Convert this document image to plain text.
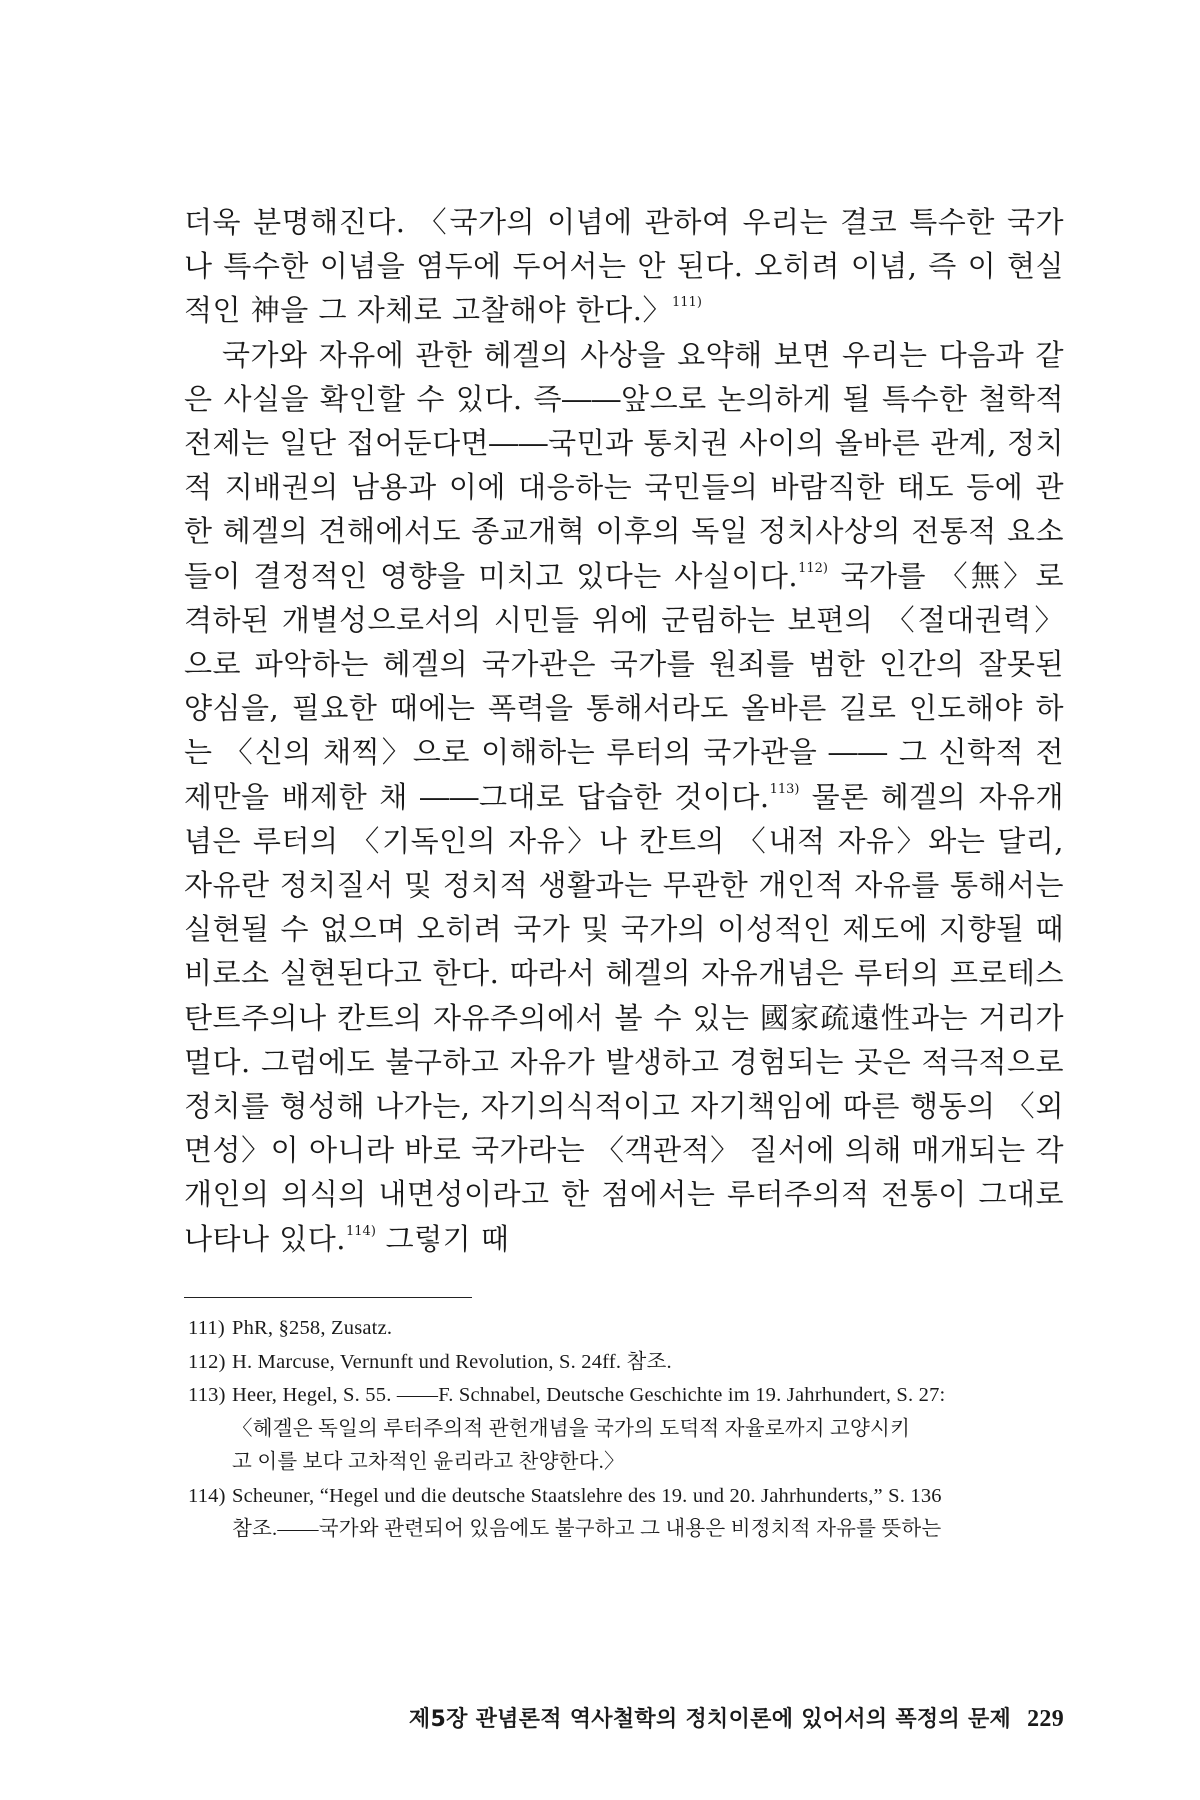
더욱 분명해진다. 〈국가의 이념에 관하여 우리는 결코 특수한 국가나 특수한 이념을 염두에 두어서는 안 된다. 오히려 이념, 즉 이 현실적인 神을 그 자체로 고찰해야 한다.〉$^{111)}$

국가와 자유에 관한 헤겔의 사상을 요약해 보면 우리는 다음과 같은 사실을 확인할 수 있다. 즉――앞으로 논의하게 될 특수한 철학적 전제는 일단 접어둔다면――국민과 통치권 사이의 올바른 관계, 정치적 지배권의 남용과 이에 대응하는 국민들의 바람직한 태도 등에 관한 헤겔의 견해에서도 종교개혁 이후의 독일 정치사상의 전통적 요소들이 결정적인 영향을 미치고 있다는 사실이다.$^{112)}$ 국가를 〈無〉로 격하된 개별성으로서의 시민들 위에 군림하는 보편의 〈절대권력〉으로 파악하는 헤겔의 국가관은 국가를 원죄를 범한 인간의 잘못된 양심을, 필요한 때에는 폭력을 통해서라도 올바른 길로 인도해야 하는 〈신의 채찍〉으로 이해하는 루터의 국가관을 ―― 그 신학적 전제만을 배제한 채 ――그대로 답습한 것이다.$^{113)}$ 물론 헤겔의 자유개념은 루터의 〈기독인의 자유〉나 칸트의 〈내적 자유〉와는 달리, 자유란 정치질서 및 정치적 생활과는 무관한 개인적 자유를 통해서는 실현될 수 없으며 오히려 국가 및 국가의 이성적인 제도에 지향될 때 비로소 실현된다고 한다. 따라서 헤겔의 자유개념은 루터의 프로테스탄트주의나 칸트의 자유주의에서 볼 수 있는 國家疏遠性과는 거리가 멀다. 그럼에도 불구하고 자유가 발생하고 경험되는 곳은 적극적으로 정치를 형성해 나가는, 자기의식적이고 자기책임에 따른 행동의 〈외면성〉이 아니라 바로 국가라는 〈객관적〉 질서에 의해 매개되는 각 개인의 의식의 내면성이라고 한 점에서는 루터주의적 전통이 그대로 나타나 있다.$^{114)}$ 그렇기 때

111) PhR, §258, Zusatz.
112) H. Marcuse, Vernunft und Revolution, S. 24ff. 참조.
113) Heer, Hegel, S. 55. ――F. Schnabel, Deutsche Geschichte im 19. Jahrhundert, S. 27:
〈헤겔은 독일의 루터주의적 관헌개념을 국가의 도덕적 자율로까지 고양시키
고 이를 보다 고차적인 윤리라고 찬양한다.〉
114) Scheuner, “Hegel und die deutsche Staatslehre des 19. und 20. Jahrhunderts,” S. 136
참조.――국가와 관련되어 있음에도 불구하고 그 내용은 비정치적 자유를 뜻하는
제5장 관념론적 역사철학의 정치이론에 있어서의 폭정의 문제 229
